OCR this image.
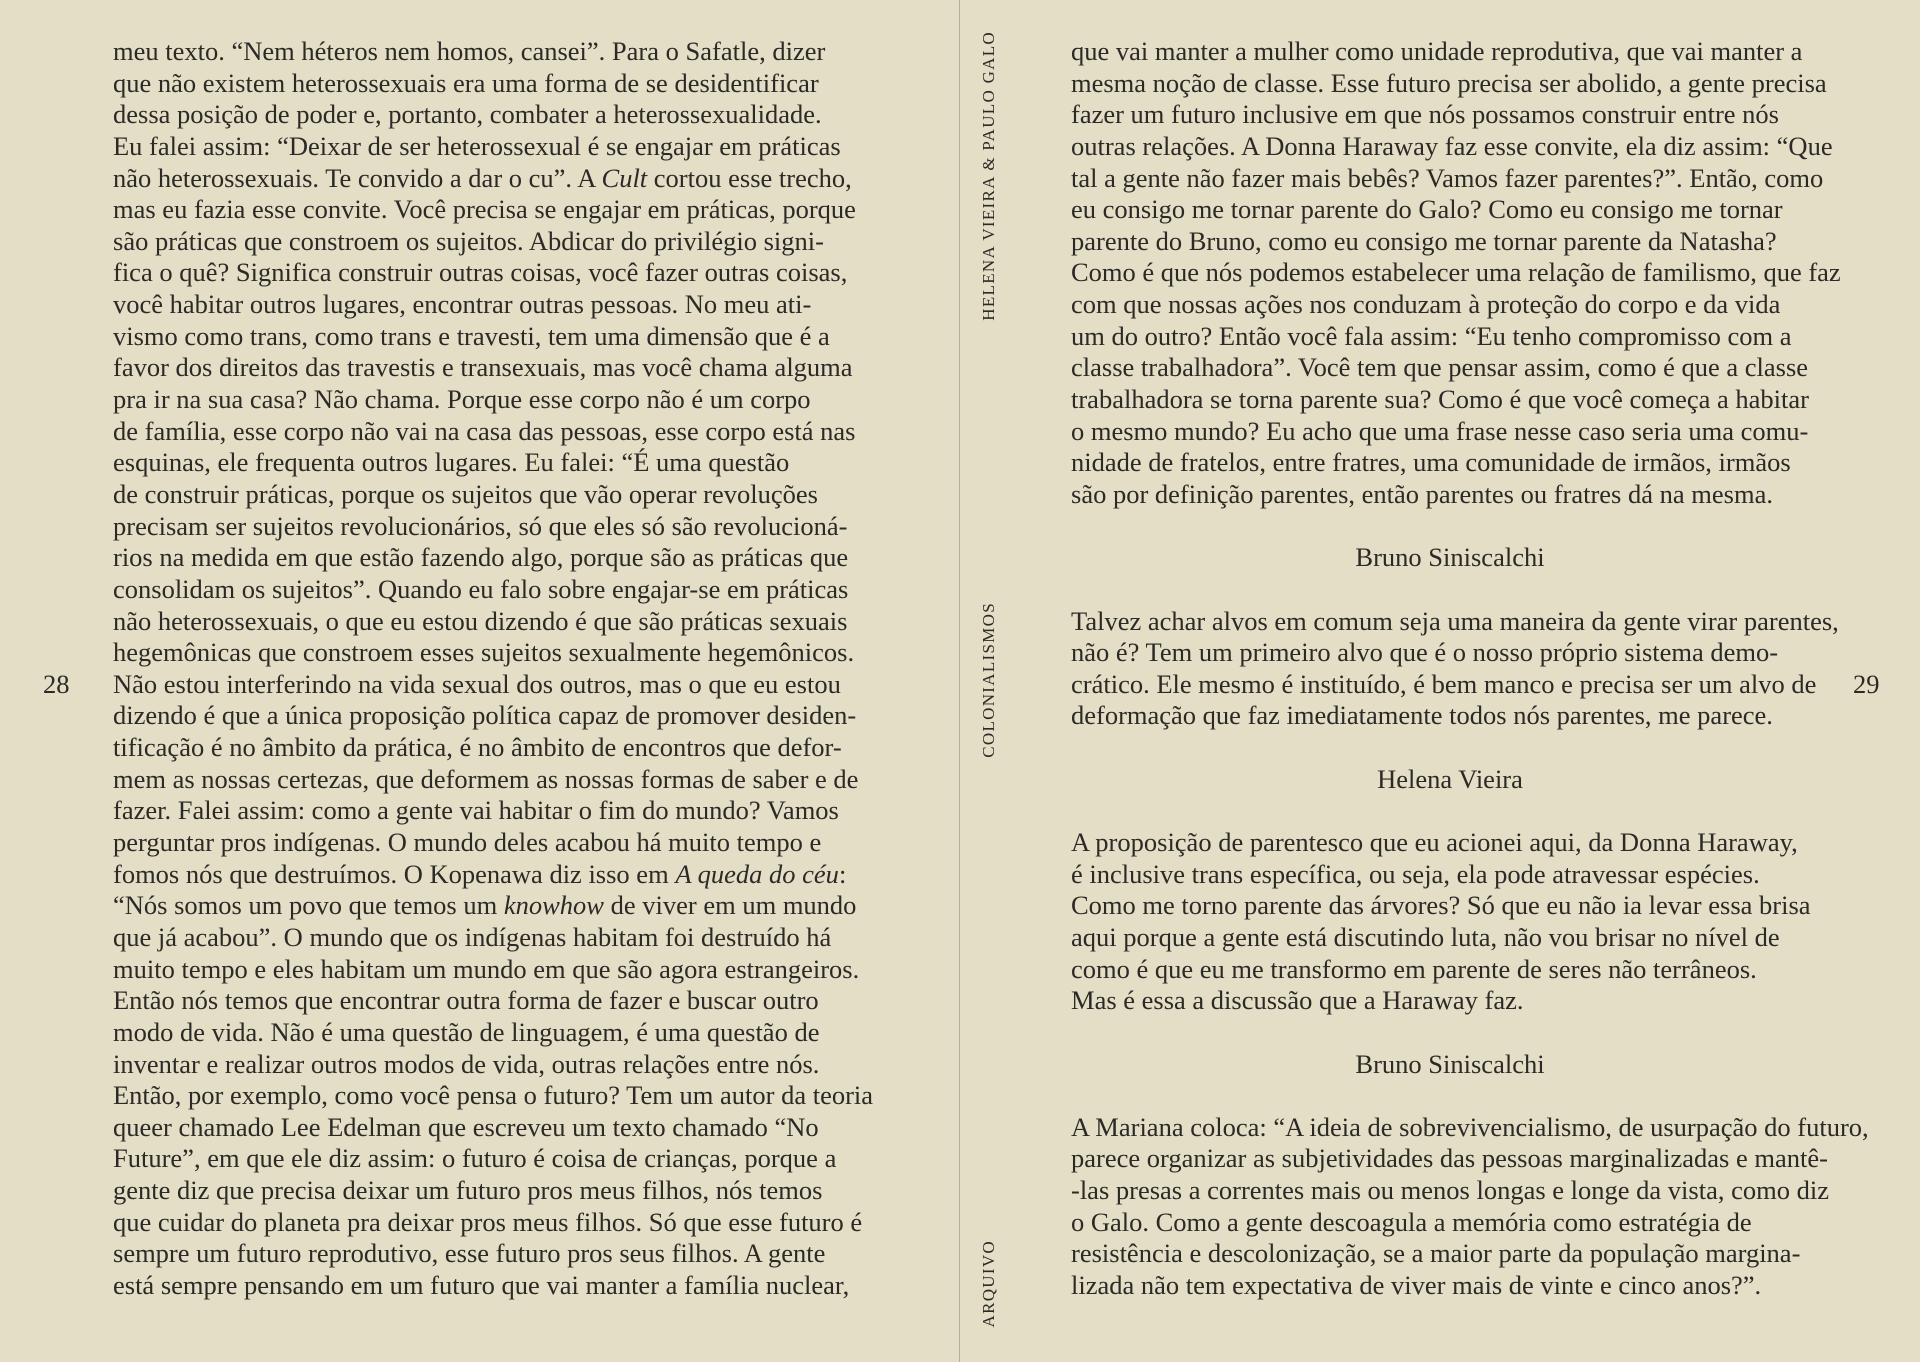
28
meu texto. “Nem héteros nem homos, cansei”. Para o Safatle, dizer
que não existem heterossexuais era uma forma de se desidentificar
dessa posição de poder e, portanto, combater a heterossexualidade.
Eu falei assim: “Deixar de ser heterossexual é se engajar em práticas
não heterossexuais. Te convido a dar o cu”. A Cult cortou esse trecho,
mas eu fazia esse convite. Você precisa se engajar em práticas, porque
são práticas que constroem os sujeitos. Abdicar do privilégio signi-
fica o quê? Significa construir outras coisas, você fazer outras coisas,
você habitar outros lugares, encontrar outras pessoas. No meu ati-
vismo como trans, como trans e travesti, tem uma dimensão que é a
favor dos direitos das travestis e transexuais, mas você chama alguma
pra ir na sua casa? Não chama. Porque esse corpo não é um corpo
de família, esse corpo não vai na casa das pessoas, esse corpo está nas
esquinas, ele frequenta outros lugares. Eu falei: “É uma questão
de construir práticas, porque os sujeitos que vão operar revoluções
precisam ser sujeitos revolucionários, só que eles só são revolucioná-
rios na medida em que estão fazendo algo, porque são as práticas que
consolidam os sujeitos”. Quando eu falo sobre engajar-se em práticas
não heterossexuais, o que eu estou dizendo é que são práticas sexuais
hegemônicas que constroem esses sujeitos sexualmente hegemônicos.
Não estou interferindo na vida sexual dos outros, mas o que eu estou
dizendo é que a única proposição política capaz de promover desiden-
tificação é no âmbito da prática, é no âmbito de encontros que defor-
mem as nossas certezas, que deformem as nossas formas de saber e de
fazer. Falei assim: como a gente vai habitar o fim do mundo? Vamos
perguntar pros indígenas. O mundo deles acabou há muito tempo e
fomos nós que destruímos. O Kopenawa diz isso em A queda do céu:
“Nós somos um povo que temos um knowhow de viver em um mundo
que já acabou”. O mundo que os indígenas habitam foi destruído há
muito tempo e eles habitam um mundo em que são agora estrangeiros.
Então nós temos que encontrar outra forma de fazer e buscar outro
modo de vida. Não é uma questão de linguagem, é uma questão de
inventar e realizar outros modos de vida, outras relações entre nós.
Então, por exemplo, como você pensa o futuro? Tem um autor da teoria
queer chamado Lee Edelman que escreveu um texto chamado “No
Future”, em que ele diz assim: o futuro é coisa de crianças, porque a
gente diz que precisa deixar um futuro pros meus filhos, nós temos
que cuidar do planeta pra deixar pros meus filhos. Só que esse futuro é
sempre um futuro reprodutivo, esse futuro pros seus filhos. A gente
está sempre pensando em um futuro que vai manter a família nuclear,
HELENA VIEIRA & PAULO GALO
COLONIALISMOS
ARQUIVO
29
que vai manter a mulher como unidade reprodutiva, que vai manter a
mesma noção de classe. Esse futuro precisa ser abolido, a gente precisa
fazer um futuro inclusive em que nós possamos construir entre nós
outras relações. A Donna Haraway faz esse convite, ela diz assim: “Que
tal a gente não fazer mais bebês? Vamos fazer parentes?”. Então, como
eu consigo me tornar parente do Galo? Como eu consigo me tornar
parente do Bruno, como eu consigo me tornar parente da Natasha?
Como é que nós podemos estabelecer uma relação de familismo, que faz
com que nossas ações nos conduzam à proteção do corpo e da vida
um do outro? Então você fala assim: “Eu tenho compromisso com a
classe trabalhadora”. Você tem que pensar assim, como é que a classe
trabalhadora se torna parente sua? Como é que você começa a habitar
o mesmo mundo? Eu acho que uma frase nesse caso seria uma comu-
nidade de fratelos, entre fratres, uma comunidade de irmãos, irmãos
são por definição parentes, então parentes ou fratres dá na mesma.
Bruno Siniscalchi
Talvez achar alvos em comum seja uma maneira da gente virar parentes,
não é? Tem um primeiro alvo que é o nosso próprio sistema demo-
crático. Ele mesmo é instituído, é bem manco e precisa ser um alvo de
deformação que faz imediatamente todos nós parentes, me parece.
Helena Vieira
A proposição de parentesco que eu acionei aqui, da Donna Haraway,
é inclusive trans específica, ou seja, ela pode atravessar espécies.
Como me torno parente das árvores? Só que eu não ia levar essa brisa
aqui porque a gente está discutindo luta, não vou brisar no nível de
como é que eu me transformo em parente de seres não terrâneos.
Mas é essa a discussão que a Haraway faz.
Bruno Siniscalchi
A Mariana coloca: “A ideia de sobrevivencialismo, de usurpação do futuro,
parece organizar as subjetividades das pessoas marginalizadas e mantê-
-las presas a correntes mais ou menos longas e longe da vista, como diz
o Galo. Como a gente descoagula a memória como estratégia de
resistência e descolonização, se a maior parte da população margina-
lizada não tem expectativa de viver mais de vinte e cinco anos?”.
